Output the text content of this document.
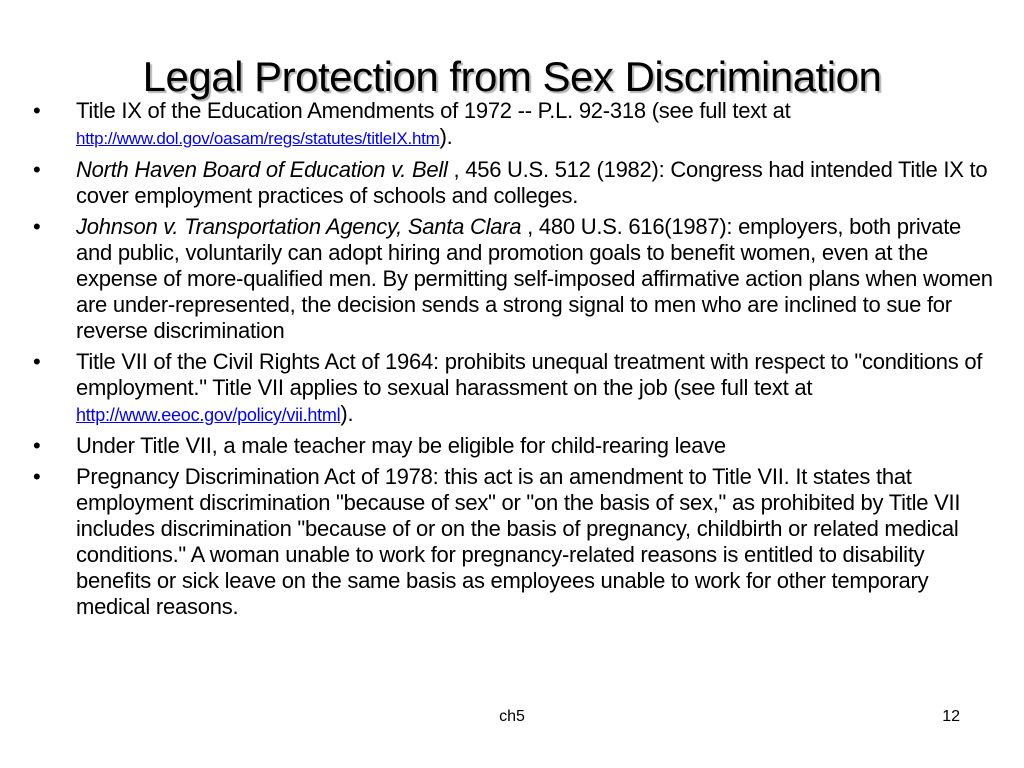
Legal Protection from Sex Discrimination
•	Title IX of the Education Amendments of 1972 -- P.L. 92-318 (see full text at http://www.dol.gov/oasam/regs/statutes/titleIX.htm).
•	North Haven Board of Education v. Bell , 456 U.S. 512 (1982): Congress had intended Title IX to cover employment practices of schools and colleges.
•	Johnson v. Transportation Agency, Santa Clara , 480 U.S. 616(1987): employers, both private and public, voluntarily can adopt hiring and promotion goals to benefit women, even at the expense of more-qualified men. By permitting self-imposed affirmative action plans when women are under-represented, the decision sends a strong signal to men who are inclined to sue for reverse discrimination
•	Title VII of the Civil Rights Act of 1964: prohibits unequal treatment with respect to "conditions of employment." Title VII applies to sexual harassment on the job (see full text at http://www.eeoc.gov/policy/vii.html).
•	Under Title VII, a male teacher may be eligible for child-rearing leave
•	Pregnancy Discrimination Act of 1978: this act is an amendment to Title VII. It states that employment discrimination "because of sex" or "on the basis of sex," as prohibited by Title VII includes discrimination "because of or on the basis of pregnancy, childbirth or related medical conditions." A woman unable to work for pregnancy-related reasons is entitled to disability benefits or sick leave on the same basis as employees unable to work for other temporary medical reasons.
ch5	12
